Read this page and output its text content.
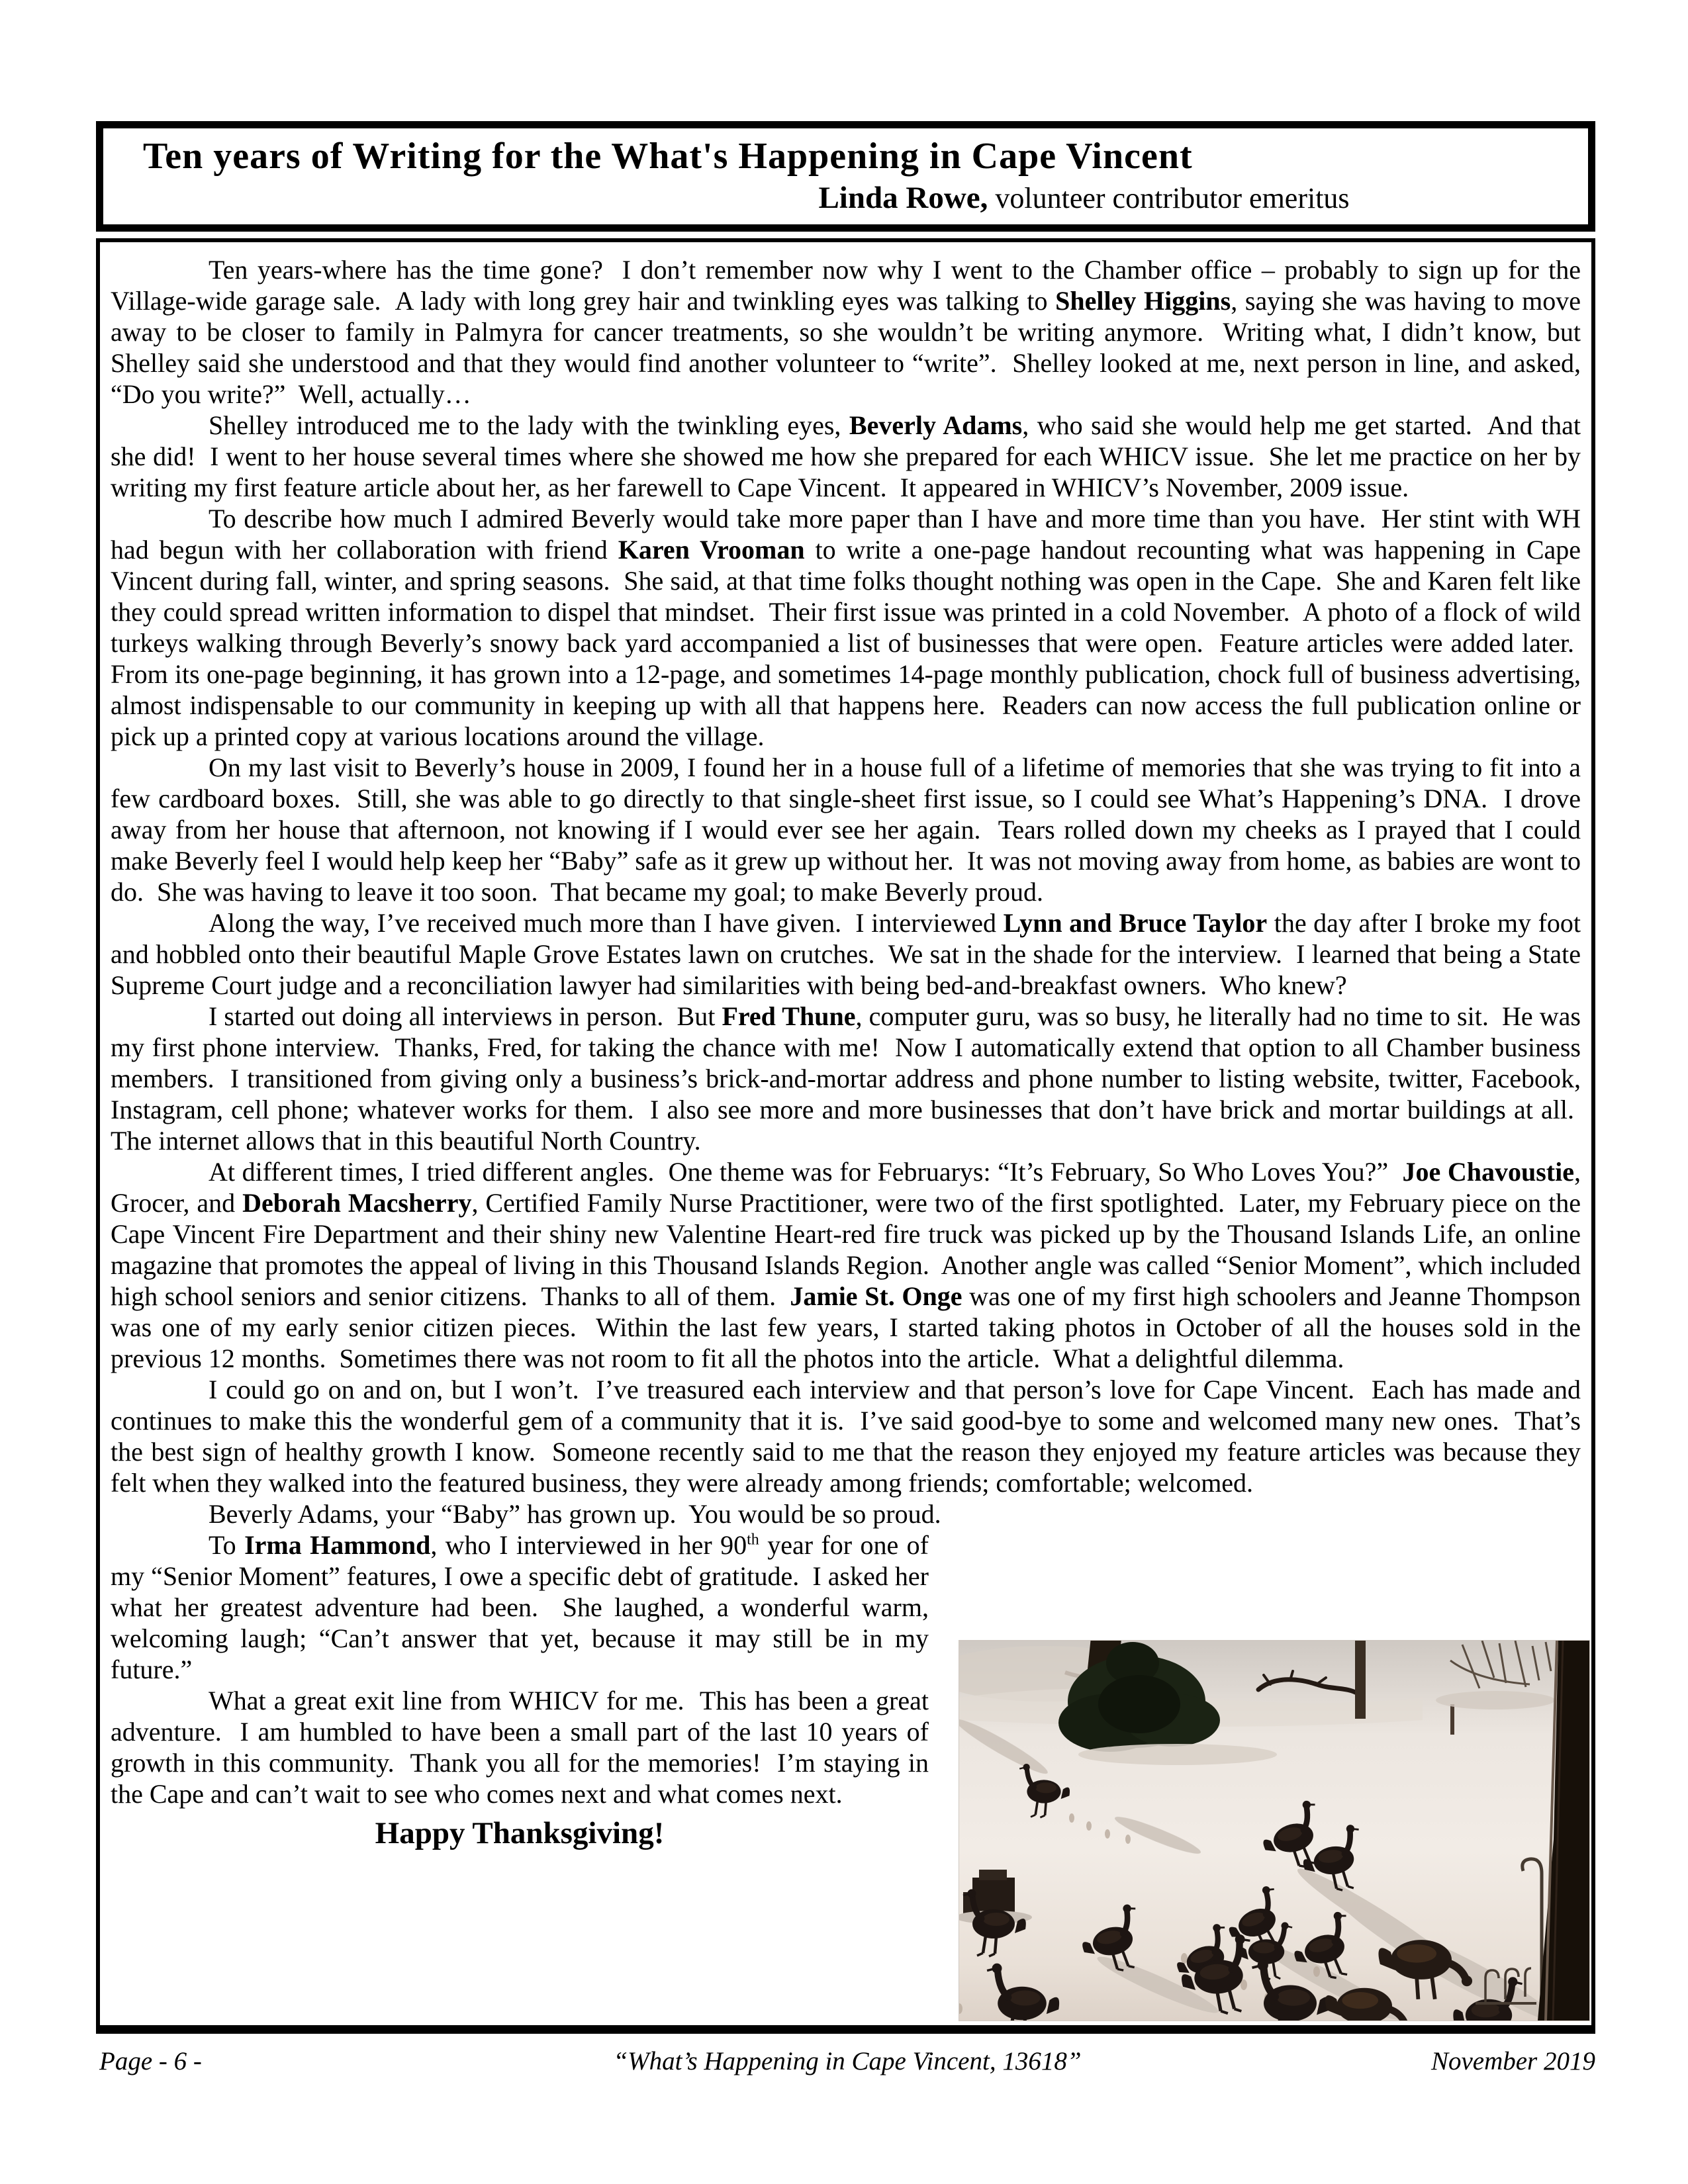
Ten years of Writing for the What's Happening in Cape Vincent
Linda Rowe, volunteer contributor emeritus

Ten years-where has the time gone?  I don’t remember now why I went to the Chamber office – probably to sign up for the Village-wide garage sale.  A lady with long grey hair and twinkling eyes was talking to Shelley Higgins, saying she was having to move away to be closer to family in Palmyra for cancer treatments, so she wouldn’t be writing anymore.  Writing what, I didn’t know, but Shelley said she understood and that they would find another volunteer to “write”.  Shelley looked at me, next person in line, and asked, “Do you write?”  Well, actually…

Shelley introduced me to the lady with the twinkling eyes, Beverly Adams, who said she would help me get started.  And that she did!  I went to her house several times where she showed me how she prepared for each WHICV issue.  She let me practice on her by writing my first feature article about her, as her farewell to Cape Vincent.  It appeared in WHICV’s November, 2009 issue.

To describe how much I admired Beverly would take more paper than I have and more time than you have.  Her stint with WH had begun with her collaboration with friend Karen Vrooman to write a one-page handout recounting what was happening in Cape Vincent during fall, winter, and spring seasons.  She said, at that time folks thought nothing was open in the Cape.  She and Karen felt like they could spread written information to dispel that mindset.  Their first issue was printed in a cold November.  A photo of a flock of wild turkeys walking through Beverly’s snowy back yard accompanied a list of businesses that were open.  Feature articles were added later.  From its one-page beginning, it has grown into a 12-page, and sometimes 14-page monthly publication, chock full of business advertising, almost indispensable to our community in keeping up with all that happens here.  Readers can now access the full publication online or pick up a printed copy at various locations around the village.

On my last visit to Beverly’s house in 2009, I found her in a house full of a lifetime of memories that she was trying to fit into a few cardboard boxes.  Still, she was able to go directly to that single-sheet first issue, so I could see What’s Happening’s DNA.  I drove away from her house that afternoon, not knowing if I would ever see her again.  Tears rolled down my cheeks as I prayed that I could make Beverly feel I would help keep her “Baby” safe as it grew up without her.  It was not moving away from home, as babies are wont to do.  She was having to leave it too soon.  That became my goal; to make Beverly proud.

Along the way, I’ve received much more than I have given.  I interviewed Lynn and Bruce Taylor the day after I broke my foot and hobbled onto their beautiful Maple Grove Estates lawn on crutches.  We sat in the shade for the interview.  I learned that being a State Supreme Court judge and a reconciliation lawyer had similarities with being bed-and-breakfast owners.  Who knew?

I started out doing all interviews in person.  But Fred Thune, computer guru, was so busy, he literally had no time to sit.  He was my first phone interview.  Thanks, Fred, for taking the chance with me!  Now I automatically extend that option to all Chamber business members.  I transitioned from giving only a business’s brick-and-mortar address and phone number to listing website, twitter, Facebook, Instagram, cell phone; whatever works for them.  I also see more and more businesses that don’t have brick and mortar buildings at all.  The internet allows that in this beautiful North Country.

At different times, I tried different angles.  One theme was for Februarys: “It’s February, So Who Loves You?”  Joe Chavoustie, Grocer, and Deborah Macsherry, Certified Family Nurse Practitioner, were two of the first spotlighted.  Later, my February piece on the Cape Vincent Fire Department and their shiny new Valentine Heart-red fire truck was picked up by the Thousand Islands Life, an online magazine that promotes the appeal of living in this Thousand Islands Region.  Another angle was called “Senior Moment”, which included high school seniors and senior citizens.  Thanks to all of them.  Jamie St. Onge was one of my first high schoolers and Jeanne Thompson was one of my early senior citizen pieces.  Within the last few years, I started taking photos in October of all the houses sold in the previous 12 months.  Sometimes there was not room to fit all the photos into the article.  What a delightful dilemma.

I could go on and on, but I won’t.  I’ve treasured each interview and that person’s love for Cape Vincent.  Each has made and continues to make this the wonderful gem of a community that it is.  I’ve said good-bye to some and welcomed many new ones.  That’s the best sign of healthy growth I know.  Someone recently said to me that the reason they enjoyed my feature articles was because they felt when they walked into the featured business, they were already among friends; comfortable; welcomed.

Beverly Adams, your “Baby” has grown up.  You would be so proud.

To Irma Hammond, who I interviewed in her 90th year for one of my “Senior Moment” features, I owe a specific debt of gratitude.  I asked her what her greatest adventure had been.  She laughed, a wonderful warm, welcoming laugh; “Can’t answer that yet, because it may still be in my future.”

What a great exit line from WHICV for me.  This has been a great adventure.  I am humbled to have been a small part of the last 10 years of growth in this community.  Thank you all for the memories!  I’m staying in the Cape and can’t wait to see who comes next and what comes next.

Happy Thanksgiving!

Page - 6 -	“What’s Happening in Cape Vincent, 13618”	November 2019
